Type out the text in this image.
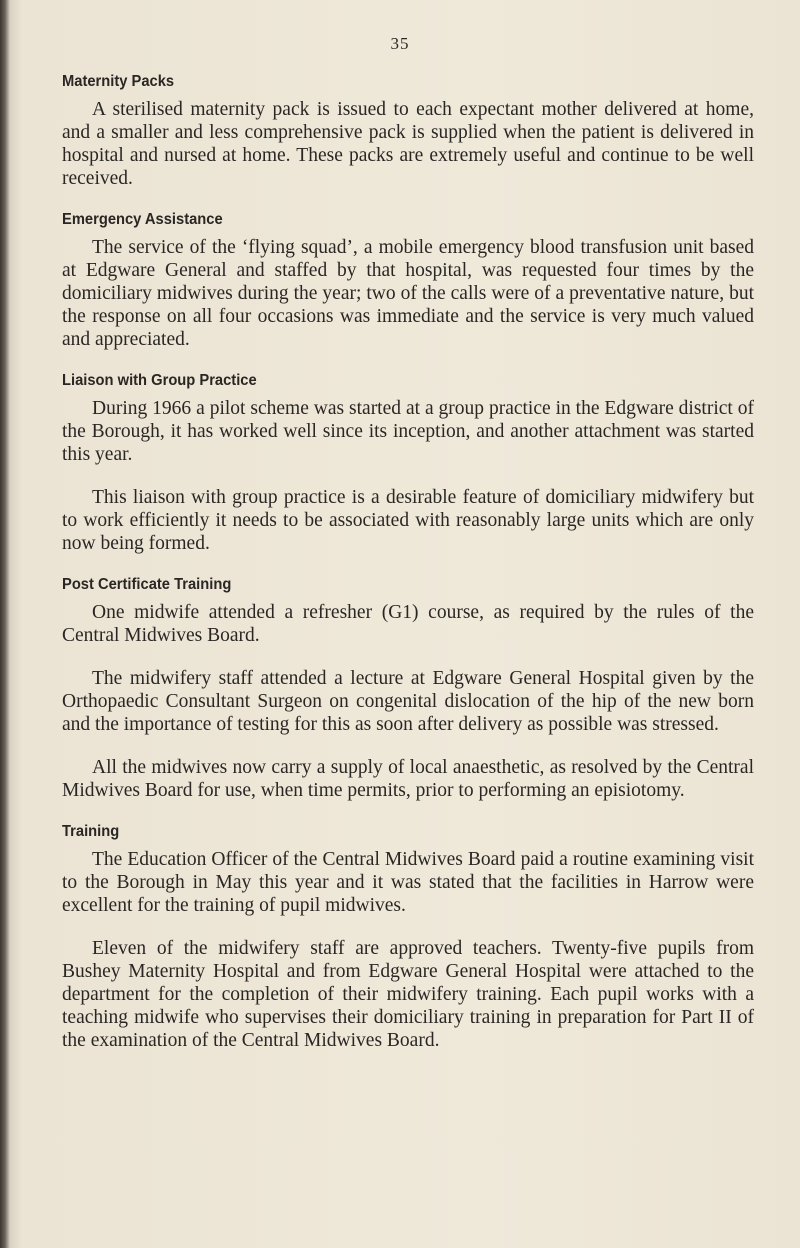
35

Maternity Packs

A sterilised maternity pack is issued to each expectant mother delivered at home, and a smaller and less comprehensive pack is supplied when the patient is delivered in hospital and nursed at home. These packs are extremely useful and continue to be well received.

Emergency Assistance

The service of the ‘flying squad’, a mobile emergency blood transfusion unit based at Edgware General and staffed by that hospital, was requested four times by the domiciliary midwives during the year; two of the calls were of a preventative nature, but the response on all four occasions was immediate and the service is very much valued and appreciated.

Liaison with Group Practice

During 1966 a pilot scheme was started at a group practice in the Edgware district of the Borough, it has worked well since its inception, and another attachment was started this year.

This liaison with group practice is a desirable feature of domiciliary midwifery but to work efficiently it needs to be associated with reasonably large units which are only now being formed.

Post Certificate Training

One midwife attended a refresher (G1) course, as required by the rules of the Central Midwives Board.

The midwifery staff attended a lecture at Edgware General Hospital given by the Orthopaedic Consultant Surgeon on congenital dislocation of the hip of the new born and the importance of testing for this as soon after delivery as possible was stressed.

All the midwives now carry a supply of local anaesthetic, as resolved by the Central Midwives Board for use, when time permits, prior to performing an episiotomy.

Training

The Education Officer of the Central Midwives Board paid a routine examining visit to the Borough in May this year and it was stated that the facilities in Harrow were excellent for the training of pupil midwives.

Eleven of the midwifery staff are approved teachers. Twenty-five pupils from Bushey Maternity Hospital and from Edgware General Hospital were attached to the department for the completion of their midwifery training. Each pupil works with a teaching midwife who supervises their domiciliary training in preparation for Part II of the examination of the Central Midwives Board.
